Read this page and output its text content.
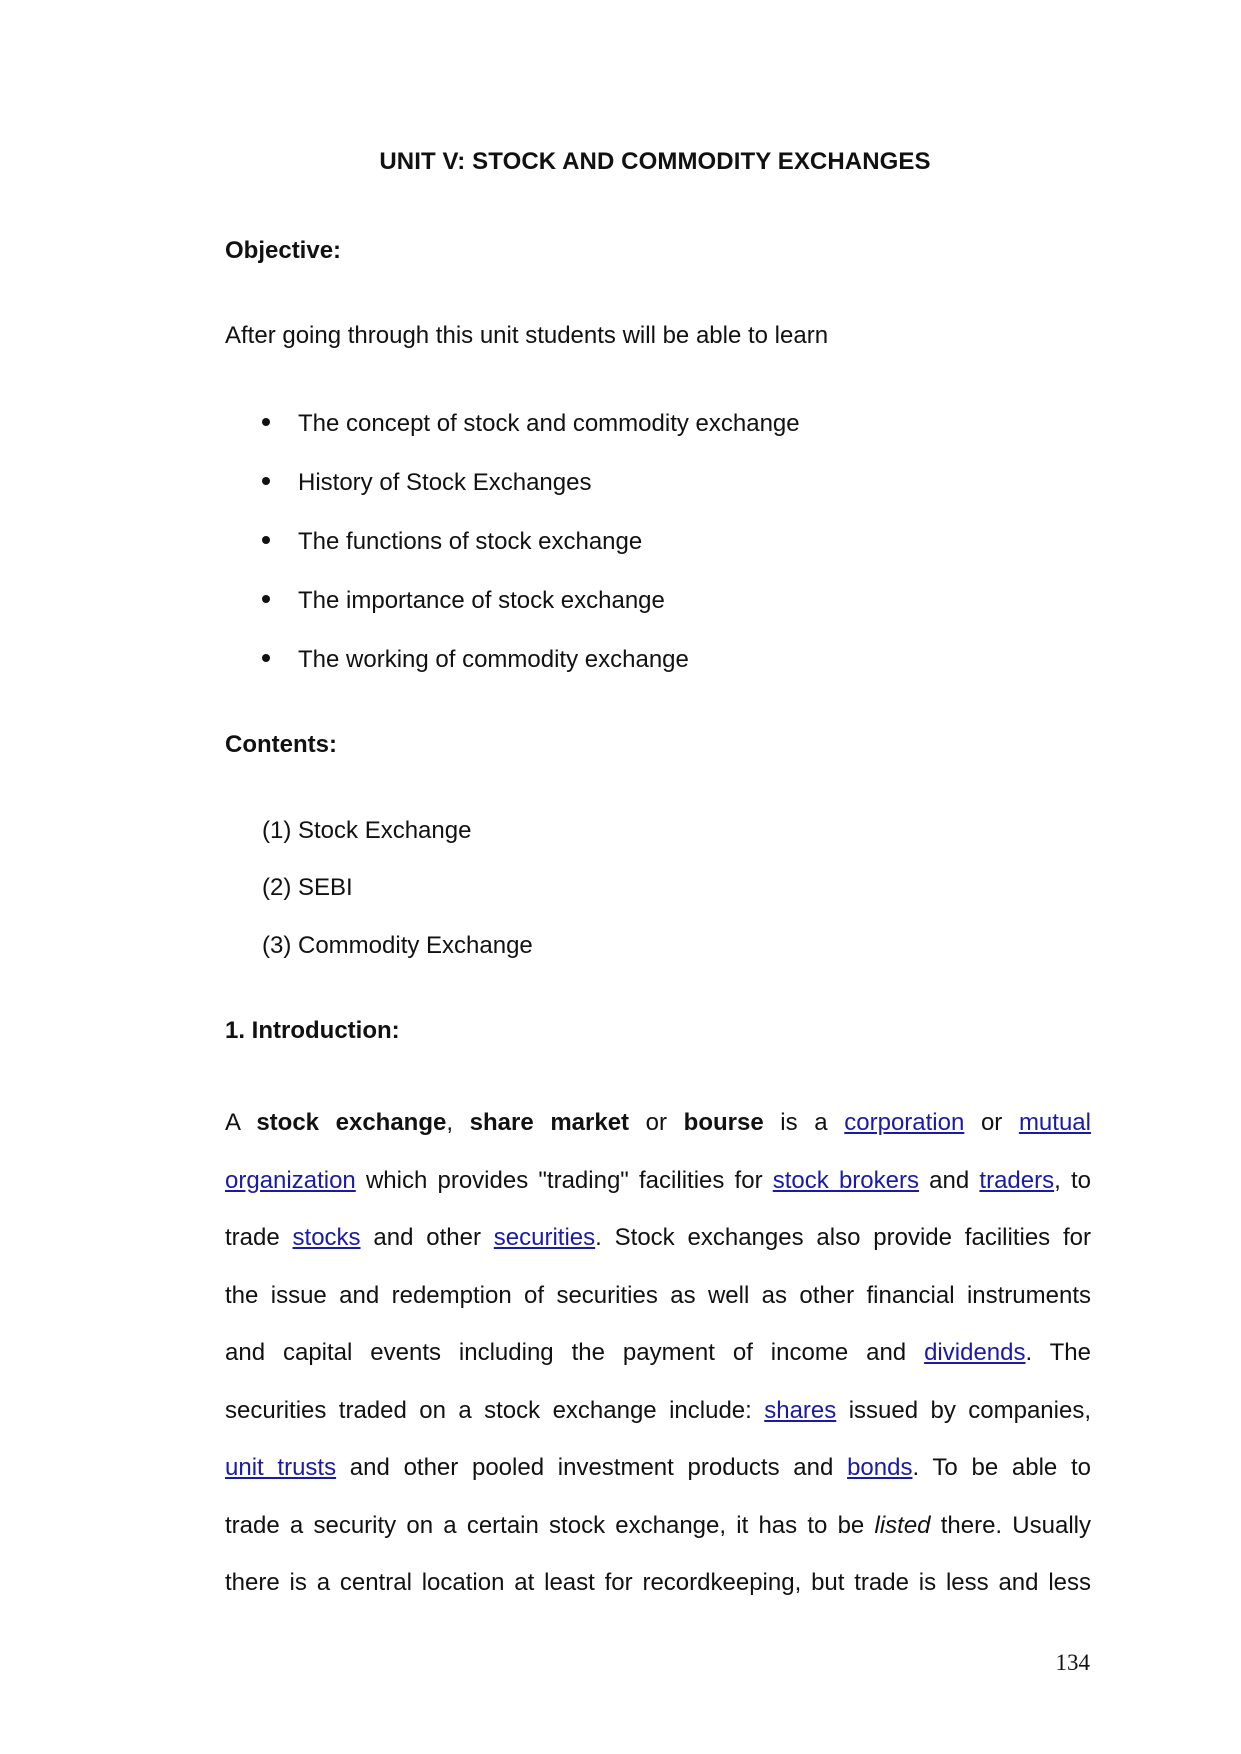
UNIT V: STOCK AND COMMODITY EXCHANGES
Objective:

After going through this unit students will be able to learn

The concept of stock and commodity exchange
History of Stock Exchanges
The functions of stock exchange
The importance of stock exchange
The working of commodity exchange
Contents:
(1) Stock Exchange
(2) SEBI
(3) Commodity Exchange
1. Introduction:
A stock exchange, share market or bourse is a corporation or mutual
organization which provides "trading" facilities for stock brokers and traders, to
trade stocks and other securities. Stock exchanges also provide facilities for
the issue and redemption of securities as well as other financial instruments
and capital events including the payment of income and dividends. The
securities traded on a stock exchange include: shares issued by companies,
unit trusts and other pooled investment products and bonds. To be able to
trade a security on a certain stock exchange, it has to be listed there. Usually
there is a central location at least for recordkeeping, but trade is less and less
134
